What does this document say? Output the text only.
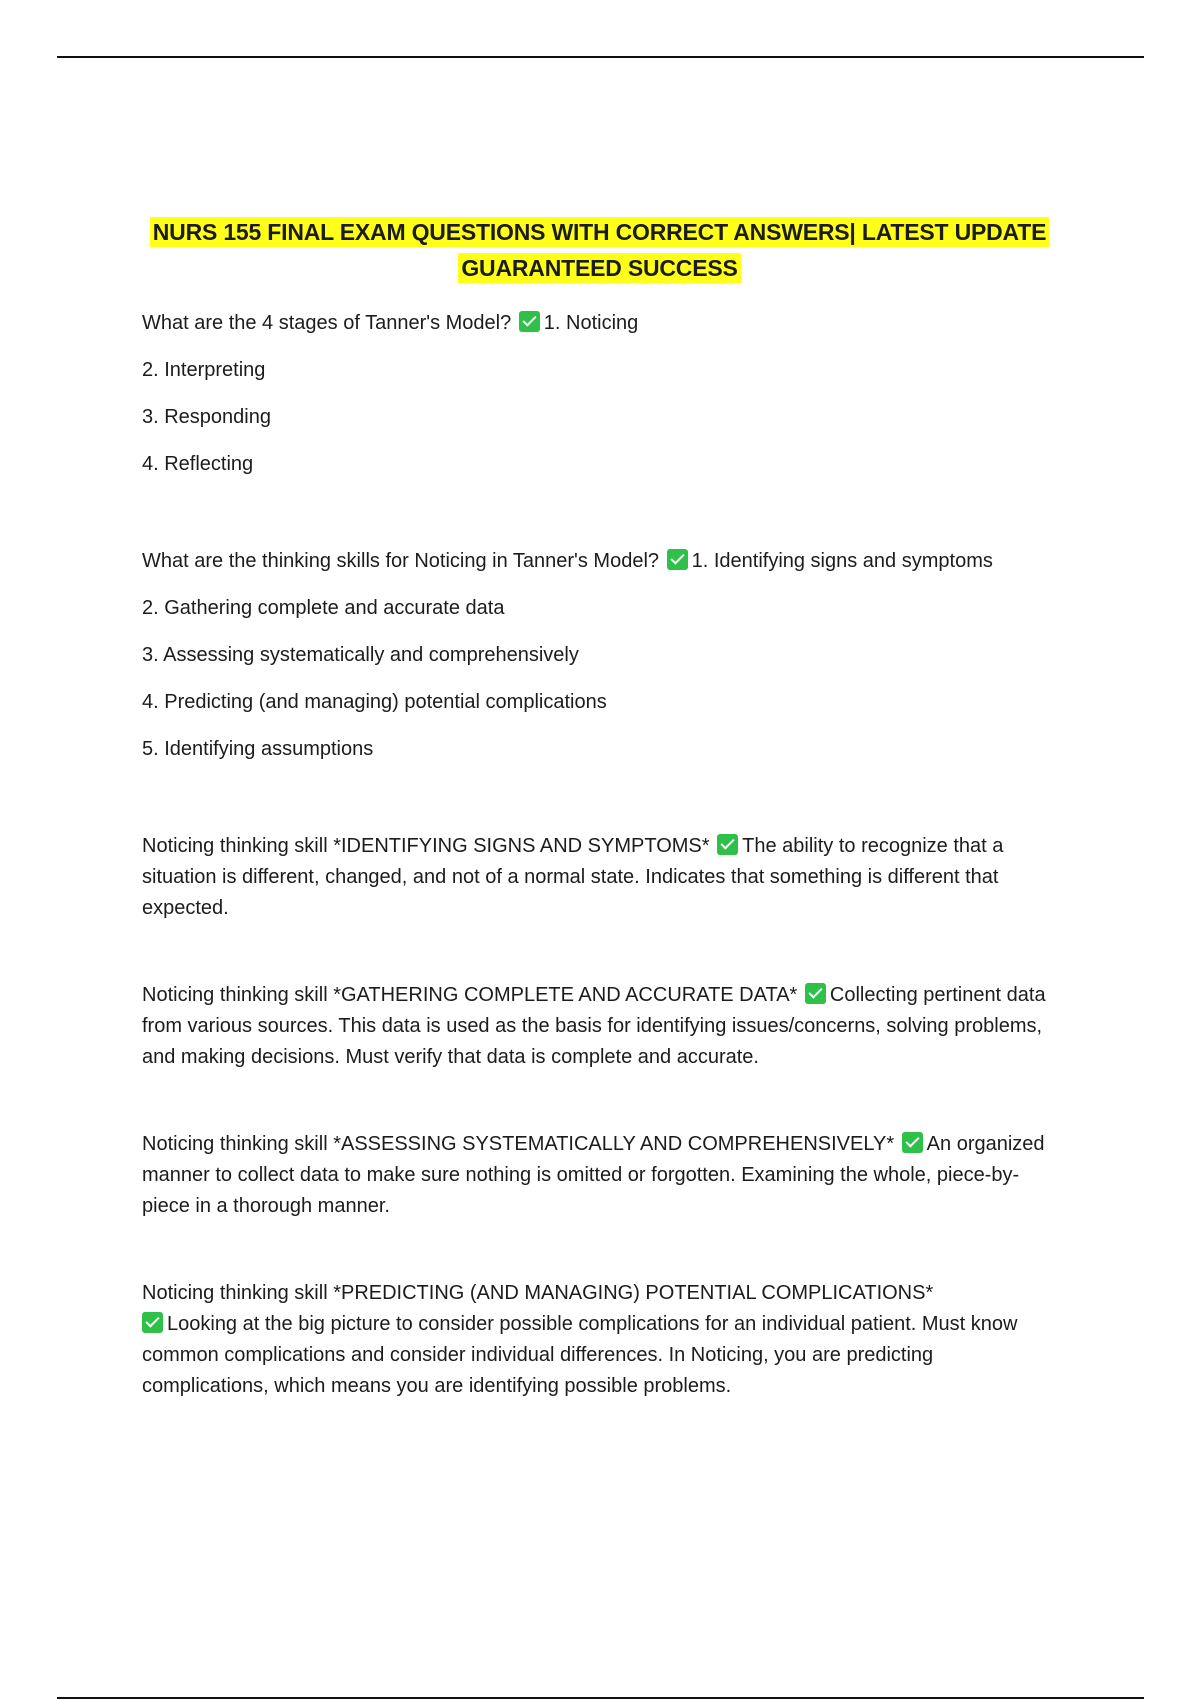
NURS 155 FINAL EXAM QUESTIONS WITH CORRECT ANSWERS| LATEST UPDATE
GUARANTEED SUCCESS
What are the 4 stages of Tanner's Model? 1. Noticing
2. Interpreting
3. Responding
4. Reflecting
What are the thinking skills for Noticing in Tanner's Model? 1. Identifying signs and symptoms
2. Gathering complete and accurate data
3. Assessing systematically and comprehensively
4. Predicting (and managing) potential complications
5. Identifying assumptions
Noticing thinking skill *IDENTIFYING SIGNS AND SYMPTOMS* The ability to recognize that a situation is different, changed, and not of a normal state. Indicates that something is different that expected.
Noticing thinking skill *GATHERING COMPLETE AND ACCURATE DATA* Collecting pertinent data from various sources. This data is used as the basis for identifying issues/concerns, solving problems, and making decisions. Must verify that data is complete and accurate.
Noticing thinking skill *ASSESSING SYSTEMATICALLY AND COMPREHENSIVELY* An organized manner to collect data to make sure nothing is omitted or forgotten. Examining the whole, piece-by-piece in a thorough manner.
Noticing thinking skill *PREDICTING (AND MANAGING) POTENTIAL COMPLICATIONS*
Looking at the big picture to consider possible complications for an individual patient. Must know common complications and consider individual differences. In Noticing, you are predicting complications, which means you are identifying possible problems.
